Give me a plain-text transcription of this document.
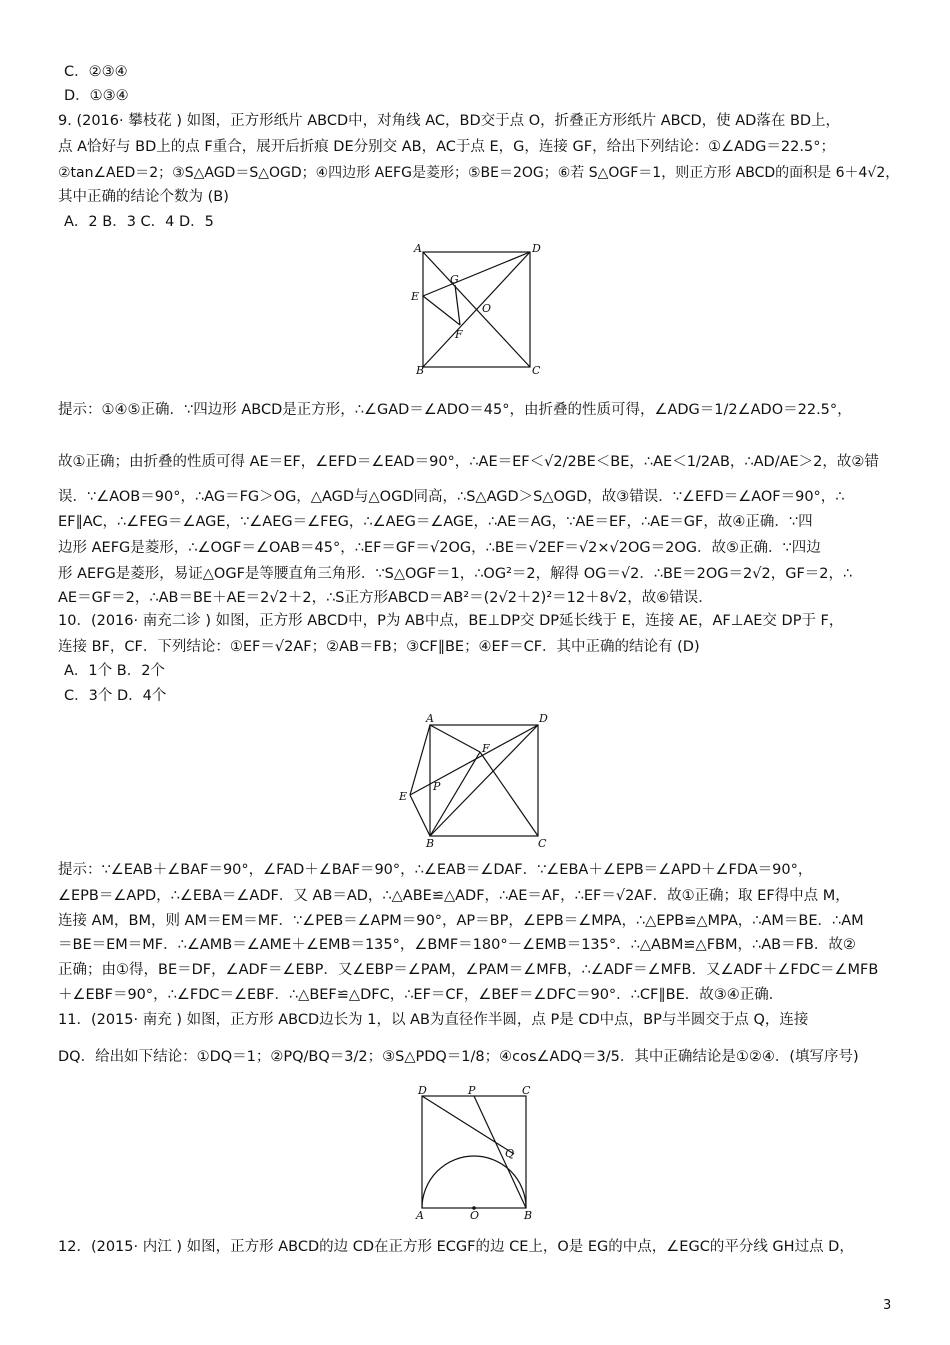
C．②③④
D．①③④
9. (2016· 攀枝花 ) 如图，正方形纸片 ABCD中，对角线 AC，BD交于点 O，折叠正方形纸片 ABCD，使 AD落在 BD上，
点 A恰好与 BD上的点 F重合，展开后折痕 DE分别交 AB，AC于点 E，G，连接 GF，给出下列结论：①∠ADG＝22.5°；
②tan∠AED＝2；③S△AGD＝S△OGD；④四边形 AEFG是菱形；⑤BE＝2OG；⑥若 S△OGF＝1，则正方形 ABCD的面积是 6＋4√2，
其中正确的结论个数为 (B)
A．2 B．3 C．4 D．5
A	D
G
E
O
F
B	C
提示：①④⑤正确．∵四边形 ABCD是正方形，∴∠GAD＝∠ADO＝45°，由折叠的性质可得，∠ADG＝1/2∠ADO＝22.5°，
故①正确；由折叠的性质可得 AE＝EF，∠EFD＝∠EAD＝90°，∴AE＝EF＜√2/2BE＜BE，∴AE＜1/2AB，∴AD/AE＞2，故②错
误．∵∠AOB＝90°，∴AG＝FG＞OG，△AGD与△OGD同高，∴S△AGD＞S△OGD，故③错误．∵∠EFD＝∠AOF＝90°，∴
EF∥AC，∴∠FEG＝∠AGE，∵∠AEG＝∠FEG，∴∠AEG＝∠AGE，∴AE＝AG，∵AE＝EF，∴AE＝GF，故④正确．∵四
边形 AEFG是菱形，∴∠OGF＝∠OAB＝45°，∴EF＝GF＝√2OG，∴BE＝√2EF＝√2×√2OG＝2OG．故⑤正确．∵四边
形 AEFG是菱形，易证△OGF是等腰直角三角形．∵S△OGF＝1，∴OG²＝2，解得 OG＝√2．∴BE＝2OG＝2√2，GF＝2，∴
AE＝GF＝2，∴AB＝BE＋AE＝2√2＋2，∴S正方形ABCD＝AB²＝(2√2＋2)²＝12＋8√2，故⑥错误．
10．(2016· 南充二诊 ) 如图，正方形 ABCD中，P为 AB中点，BE⊥DP交 DP延长线于 E，连接 AE，AF⊥AE交 DP于 F，
连接 BF，CF．下列结论：①EF＝√2AF；②AB＝FB；③CF∥BE；④EF＝CF．其中正确的结论有 (D)
A．1个 B．2个
C．3个 D．4个
A	D
F
P
E
B	C
提示：∵∠EAB＋∠BAF＝90°，∠FAD＋∠BAF＝90°，∴∠EAB＝∠DAF．∵∠EBA＋∠EPB＝∠APD＋∠FDA＝90°，
∠EPB＝∠APD，∴∠EBA＝∠ADF．又 AB＝AD，∴△ABE≌△ADF，∴AE＝AF，∴EF＝√2AF．故①正确；取 EF得中点 M，
连接 AM，BM，则 AM＝EM＝MF．∵∠PEB＝∠APM＝90°，AP＝BP，∠EPB＝∠MPA，∴△EPB≌△MPA，∴AM＝BE．∴AM
＝BE＝EM＝MF．∴∠AMB＝∠AME＋∠EMB＝135°，∠BMF＝180°－∠EMB＝135°．∴△ABM≌△FBM，∴AB＝FB．故②
正确；由①得，BE＝DF，∠ADF＝∠EBP．又∠EBP＝∠PAM，∠PAM＝∠MFB，∴∠ADF＝∠MFB．又∠ADF＋∠FDC＝∠MFB
＋∠EBF＝90°，∴∠FDC＝∠EBF．∴△BEF≌△DFC，∴EF＝CF，∠BEF＝∠DFC＝90°．∴CF∥BE．故③④正确．
11．(2015· 南充 ) 如图，正方形 ABCD边长为 1，以 AB为直径作半圆，点 P是 CD中点，BP与半圆交于点 Q，连接
DQ．给出如下结论：①DQ＝1；②PQ/BQ＝3/2；③S△PDQ＝1/8；④cos∠ADQ＝3/5．其中正确结论是①②④．(填写序号)
D	P	C
Q
A	O	B
12．(2015· 内江 ) 如图，正方形 ABCD的边 CD在正方形 ECGF的边 CE上，O是 EG的中点，∠EGC的平分线 GH过点 D，
3
